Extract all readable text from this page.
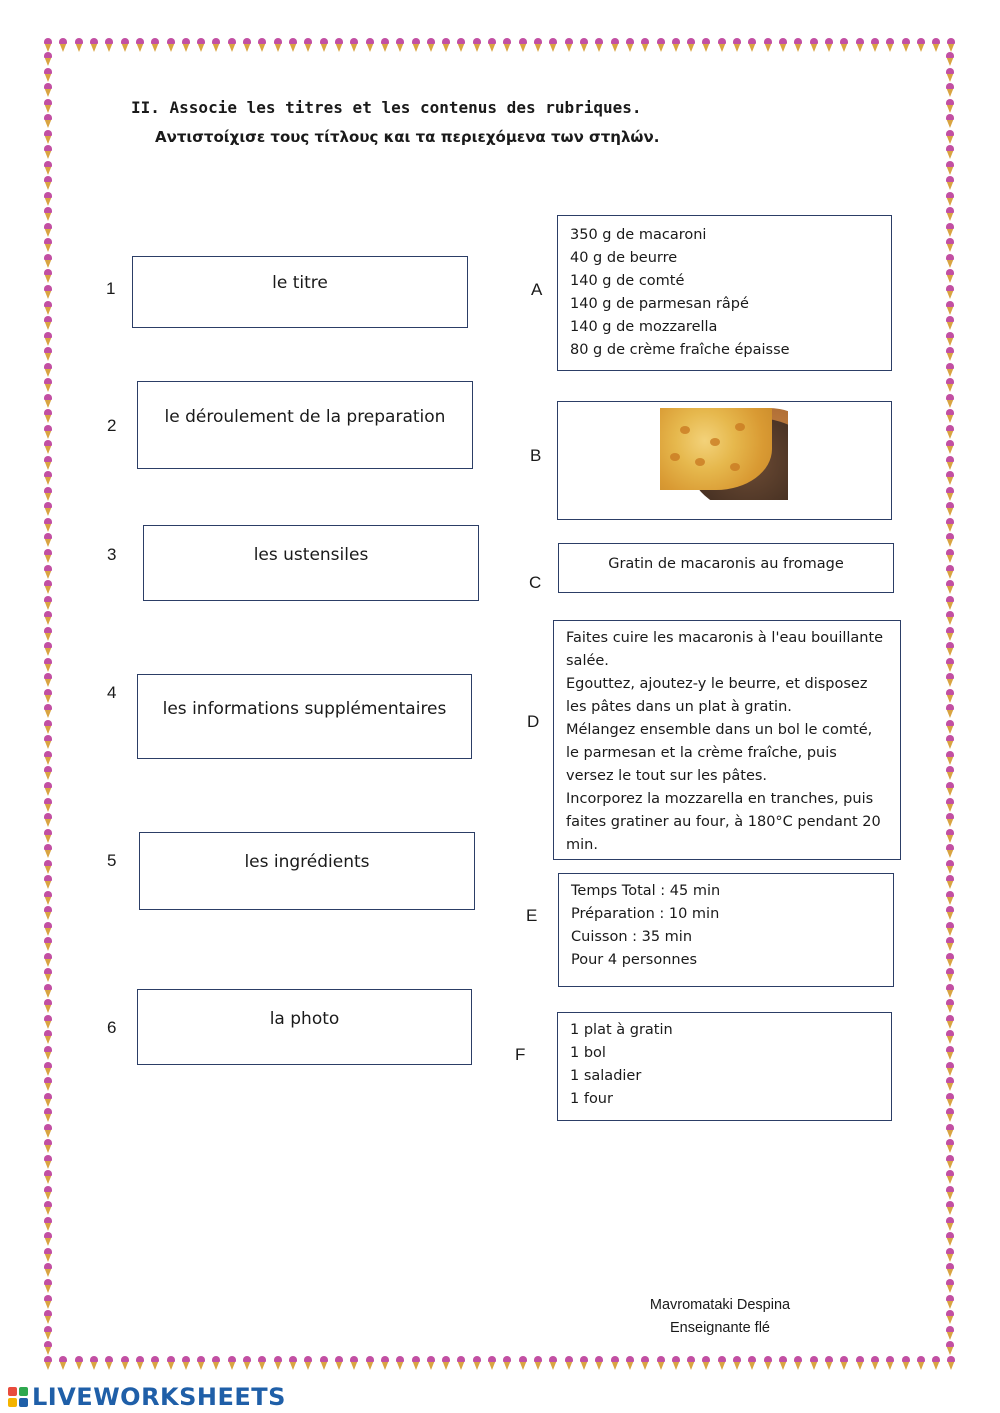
II. Associe les titres et les contenus des rubriques.
Αντιστοίχισε τους τίτλους και τα περιεχόμενα των στηλών.
1
2
3
4
5
6
le titre
le déroulement de la preparation
les ustensiles
les informations supplémentaires
les ingrédients
la photo
A
B
C
D
E
F
350 g de macaroni
40 g de beurre
140 g de comté
140 g de parmesan râpé
140 g de mozzarella
80 g de crème fraîche épaisse
Gratin de macaronis au fromage
Faites cuire les macaronis à l'eau bouillante salée.
Egouttez, ajoutez-y le beurre, et disposez les pâtes dans un plat à gratin.
Mélangez ensemble dans un bol le comté, le parmesan et la crème fraîche, puis versez le tout sur les pâtes.
Incorporez la mozzarella en tranches, puis faites gratiner au four, à 180°C pendant 20 min.
Temps Total : 45 min
Préparation : 10 min
Cuisson : 35 min
Pour 4 personnes
1 plat à gratin
1 bol
1 saladier
1 four
Mavromataki Despina
Enseignante flé
LIVEWORKSHEETS
